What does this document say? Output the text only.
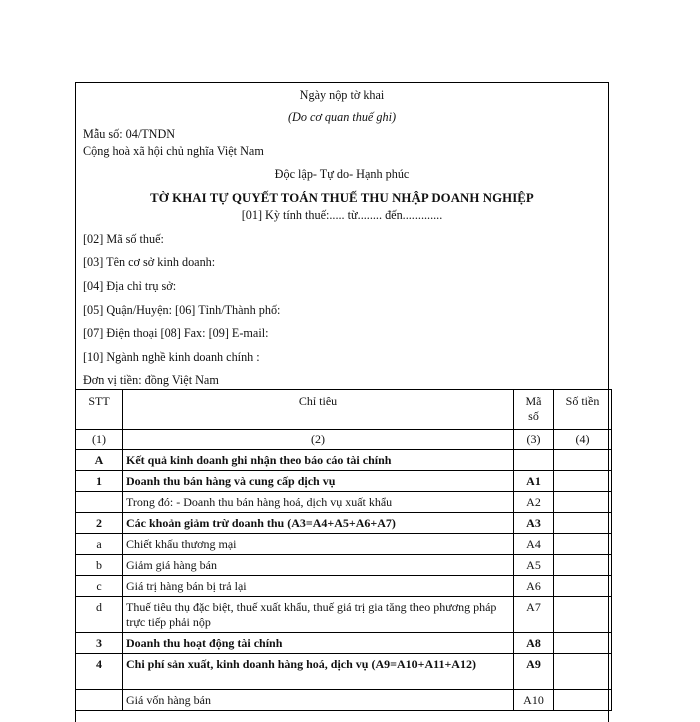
Ngày nộp tờ khai
(Do cơ quan thuế ghi)
Mẫu số: 04/TNDN
Cộng hoà xã hội chủ nghĩa Việt Nam
Độc lập- Tự do- Hạnh phúc
TỜ KHAI TỰ QUYẾT TOÁN THUẾ THU NHẬP DOANH NGHIỆP
[01] Kỳ tính thuế:..... từ........ đến.............
[02] Mã số thuế:
[03] Tên cơ sở kinh doanh:
[04] Địa chỉ trụ sở:
[05] Quận/Huyện: [06] Tỉnh/Thành phố:
[07] Điện thoại [08] Fax: [09] E-mail:
[10] Ngành nghề kinh doanh chính :
Đơn vị tiền: đồng Việt Nam
STT	Chỉ tiêu	Mã số	Số tiền
(1)	(2)	(3)	(4)
A	Kết quả kinh doanh ghi nhận theo báo cáo tài chính		
1	Doanh thu bán hàng và cung cấp dịch vụ	A1	
	Trong đó: - Doanh thu bán hàng hoá, dịch vụ xuất khẩu	A2	
2	Các khoản giảm trừ doanh thu (A3=A4+A5+A6+A7)	A3	
a	Chiết khấu thương mại	A4	
b	Giảm giá hàng bán	A5	
c	Giá trị hàng bán bị trả lại	A6	
d	Thuế tiêu thụ đặc biệt, thuế xuất khẩu, thuế giá trị gia tăng theo phương pháp trực tiếp phải nộp	A7	
3	Doanh thu hoạt động tài chính	A8	
4	Chi phí sản xuất, kinh doanh hàng hoá, dịch vụ (A9=A10+A11+A12)	A9	
	Giá vốn hàng bán	A10	
